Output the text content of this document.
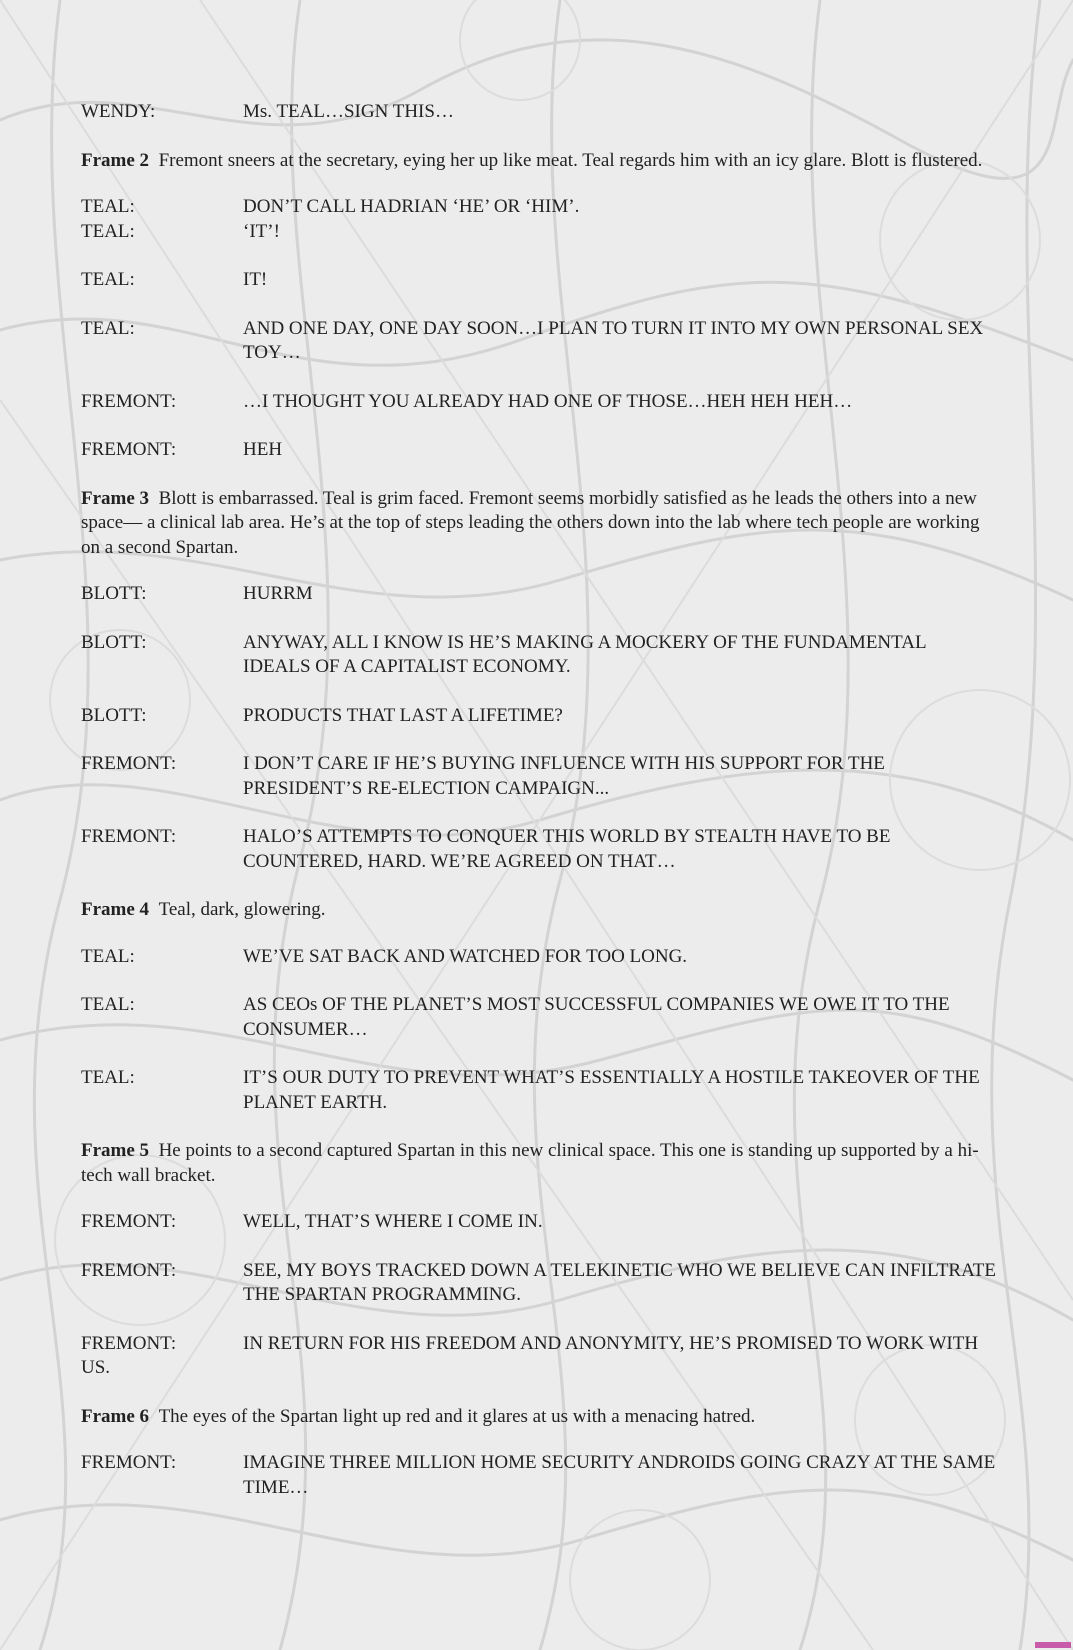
WENDY:	Ms. TEAL…SIGN THIS…
Frame 2 Fremont sneers at the secretary, eying her up like meat. Teal regards him with an icy glare. Blott is flustered.
TEAL:	DON’T CALL HADRIAN ‘HE’ OR ‘HIM’.
TEAL:	‘IT’!
TEAL:	IT!
TEAL:	AND ONE DAY, ONE DAY SOON…I PLAN TO TURN IT INTO MY OWN PERSONAL SEX TOY…
FREMONT:	…I THOUGHT YOU ALREADY HAD ONE OF THOSE…HEH HEH HEH…
FREMONT:	HEH
Frame 3 Blott is embarrassed. Teal is grim faced. Fremont seems morbidly satisfied as he leads the others into a new space— a clinical lab area. He’s at the top of steps leading the others down into the lab where tech people are working on a second Spartan.
BLOTT:	HURRM
BLOTT:	ANYWAY, ALL I KNOW IS HE’S MAKING A MOCKERY OF THE FUNDAMENTAL IDEALS OF A CAPITALIST ECONOMY.
BLOTT:	PRODUCTS THAT LAST A LIFETIME?
FREMONT:	I DON’T CARE IF HE’S BUYING INFLUENCE WITH HIS SUPPORT FOR THE PRESIDENT’S RE-ELECTION CAMPAIGN...
FREMONT:	HALO’S ATTEMPTS TO CONQUER THIS WORLD BY STEALTH HAVE TO BE COUNTERED, HARD. WE’RE AGREED ON THAT…
Frame 4 Teal, dark, glowering.
TEAL:	WE’VE SAT BACK AND WATCHED FOR TOO LONG.
TEAL:	AS CEOs OF THE PLANET’S MOST SUCCESSFUL COMPANIES WE OWE IT TO THE CONSUMER…
TEAL:	IT’S OUR DUTY TO PREVENT WHAT’S ESSENTIALLY A HOSTILE TAKEOVER OF THE PLANET EARTH.
Frame 5 He points to a second captured Spartan in this new clinical space. This one is standing up supported by a hi-tech wall bracket.
FREMONT:	WELL, THAT’S WHERE I COME IN.
FREMONT:	SEE, MY BOYS TRACKED DOWN A TELEKINETIC WHO WE BELIEVE CAN INFILTRATE THE SPARTAN PROGRAMMING.
FREMONT:	IN RETURN FOR HIS FREEDOM AND ANONYMITY, HE’S PROMISED TO WORK WITH US.
Frame 6 The eyes of the Spartan light up red and it glares at us with a menacing hatred.
FREMONT:	IMAGINE THREE MILLION HOME SECURITY ANDROIDS GOING CRAZY AT THE SAME TIME…
